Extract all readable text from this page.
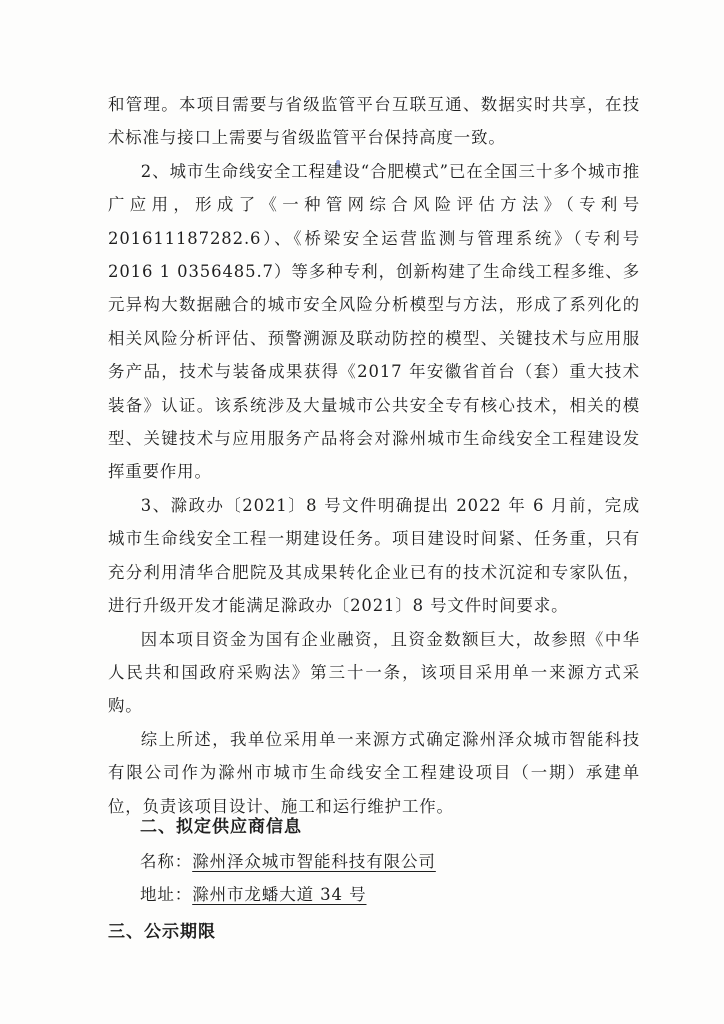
和管理。本项目需要与省级监管平台互联互通、数据实时共享，在技术标准与接口上需要与省级监管平台保持高度一致。

2、城市生命线安全工程建设“合肥模式”已在全国三十多个城市推广应用，形成了《一种管网综合风险评估方法》（专利号 201611187282.6）、《桥梁安全运营监测与管理系统》（专利号 2016 1 0356485.7）等多种专利，创新构建了生命线工程多维、多元异构大数据融合的城市安全风险分析模型与方法，形成了系列化的相关风险分析评估、预警溯源及联动防控的模型、关键技术与应用服务产品，技术与装备成果获得《2017 年安徽省首台（套）重大技术装备》认证。该系统涉及大量城市公共安全专有核心技术，相关的模型、关键技术与应用服务产品将会对滁州城市生命线安全工程建设发挥重要作用。

3、滁政办〔2021〕8 号文件明确提出 2022 年 6 月前，完成城市生命线安全工程一期建设任务。项目建设时间紧、任务重，只有充分利用清华合肥院及其成果转化企业已有的技术沉淀和专家队伍，进行升级开发才能满足滁政办〔2021〕8 号文件时间要求。

因本项目资金为国有企业融资，且资金数额巨大，故参照《中华人民共和国政府采购法》第三十一条，该项目采用单一来源方式采购。

综上所述，我单位采用单一来源方式确定滁州泽众城市智能科技有限公司作为滁州市城市生命线安全工程建设项目（一期）承建单位，负责该项目设计、施工和运行维护工作。

二、拟定供应商信息
名称：滁州泽众城市智能科技有限公司
地址：滁州市龙蟠大道 34 号
三、公示期限
